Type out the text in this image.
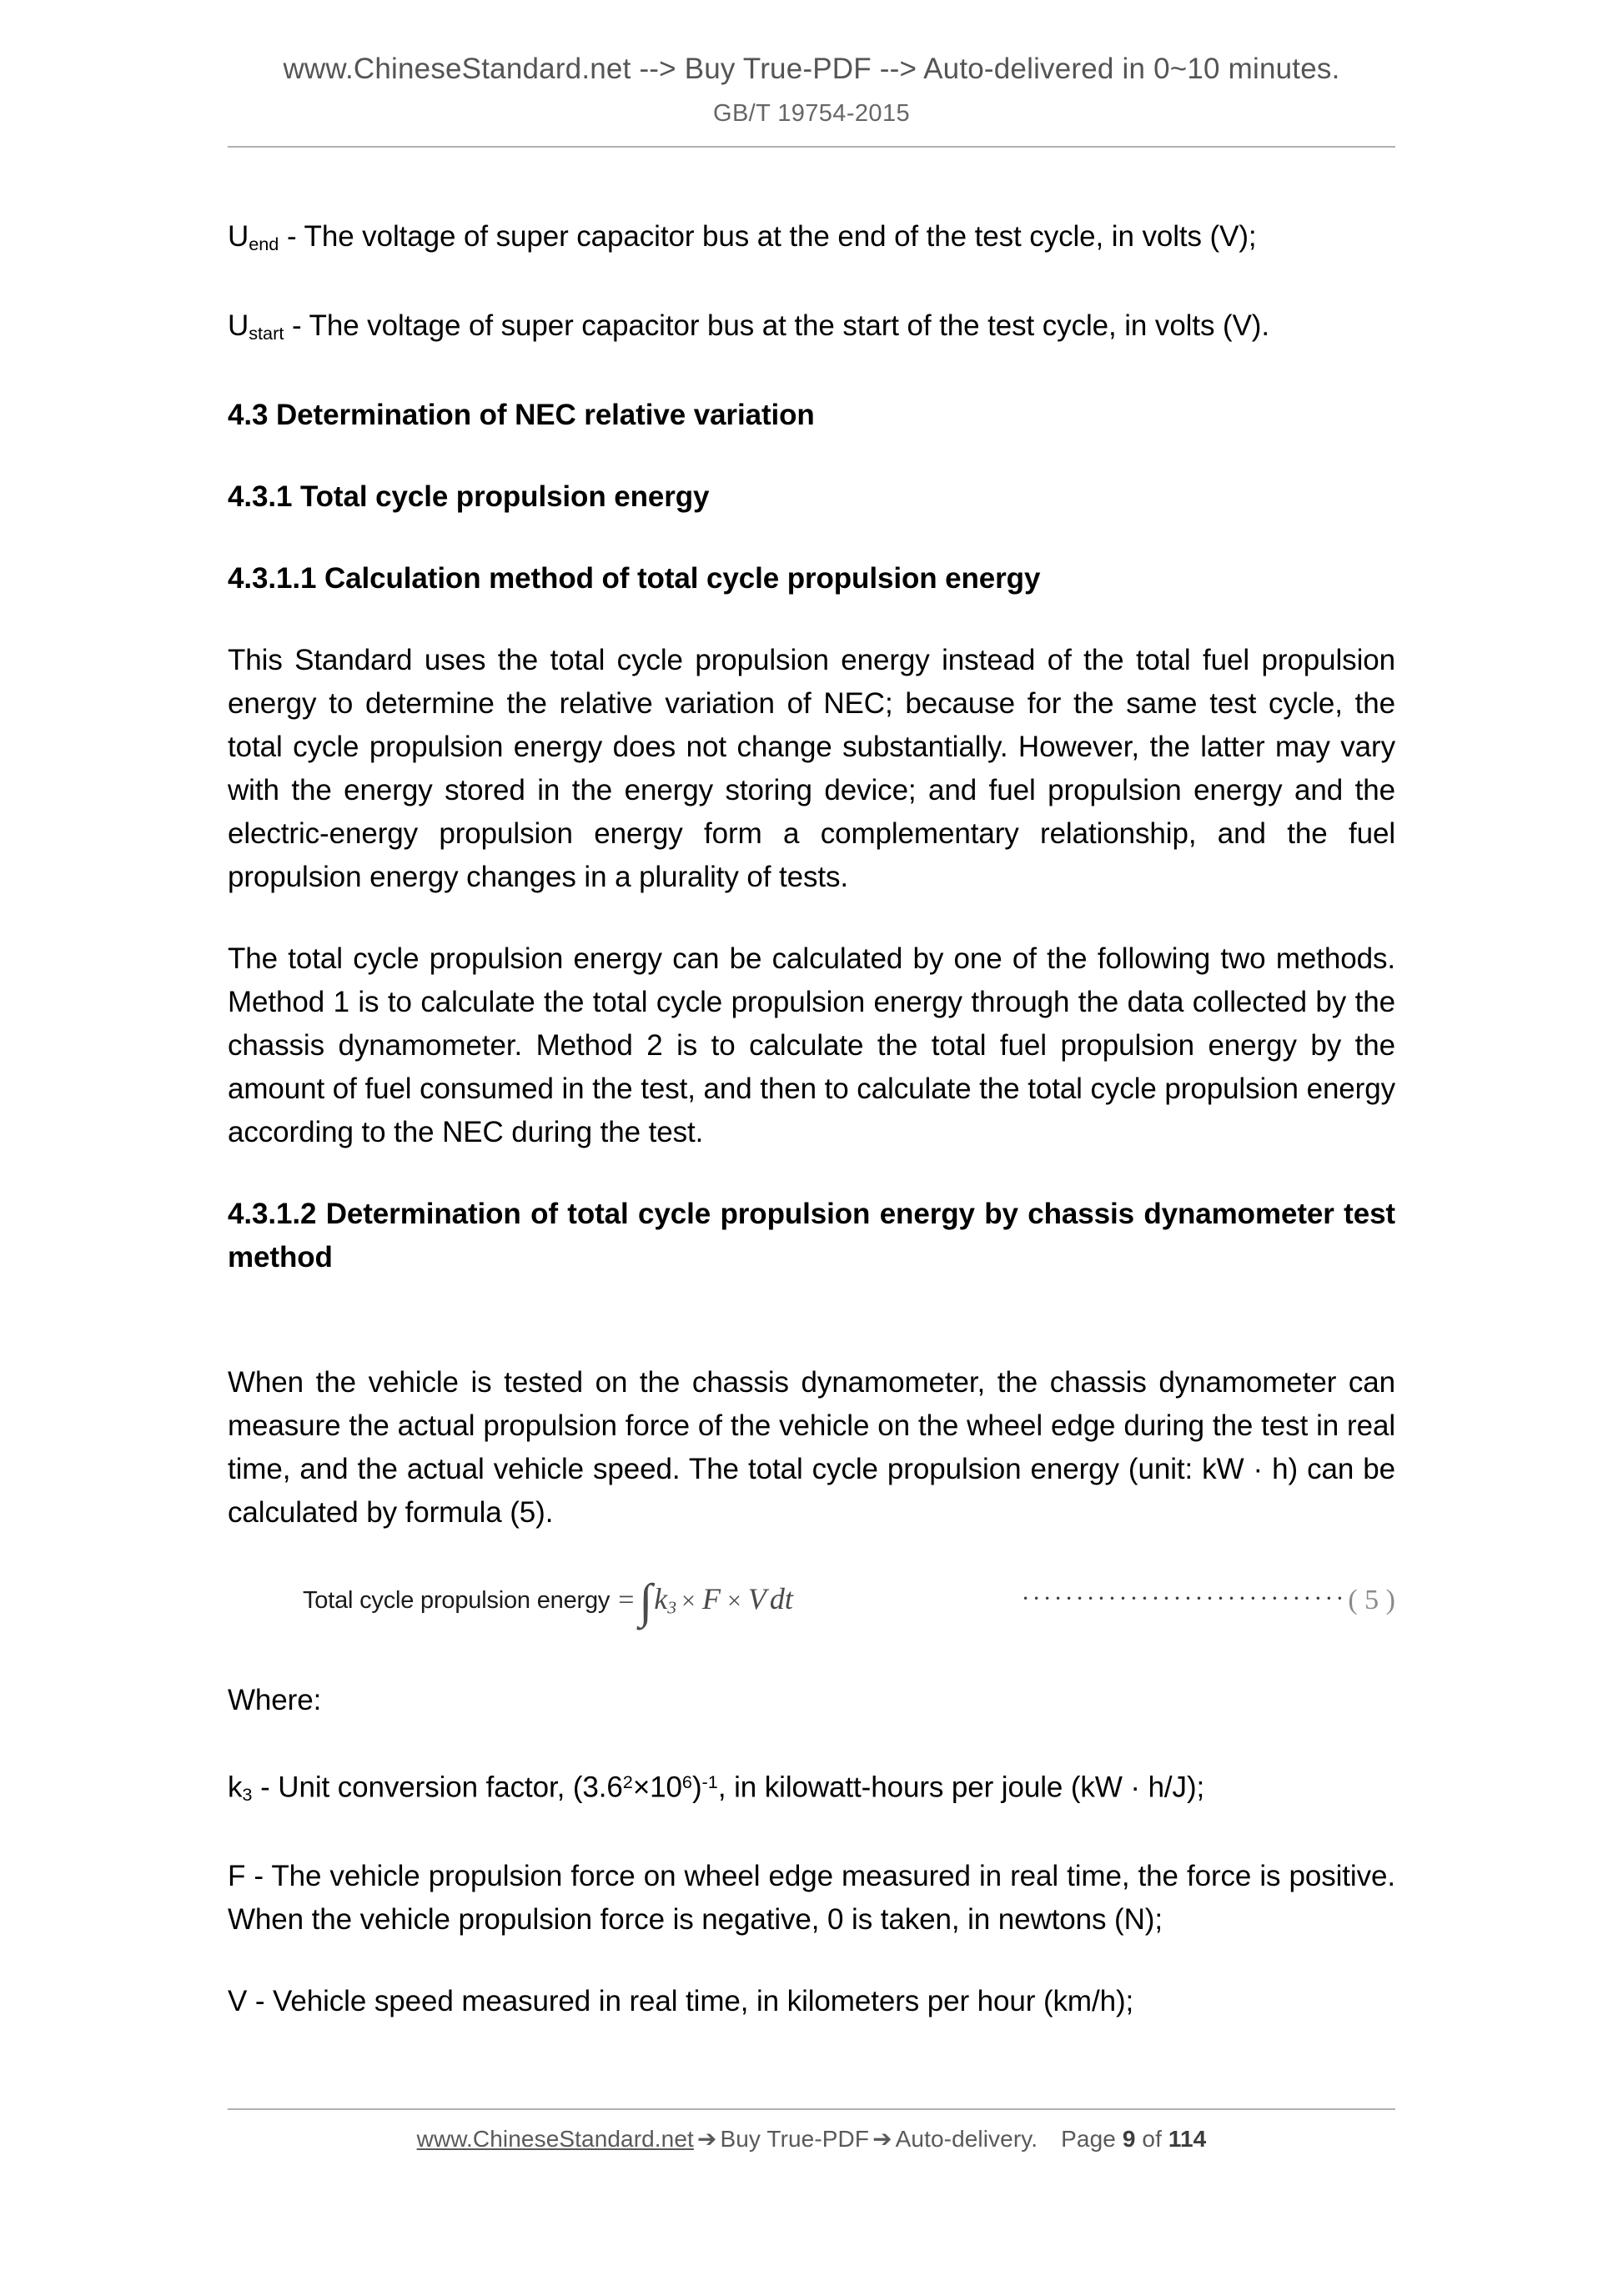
www.ChineseStandard.net --> Buy True-PDF --> Auto-delivered in 0~10 minutes.
GB/T 19754-2015

$U_{end}$ - The voltage of super capacitor bus at the end of the test cycle, in volts (V);

$U_{start}$ - The voltage of super capacitor bus at the start of the test cycle, in volts (V).

4.3 Determination of NEC relative variation
4.3.1 Total cycle propulsion energy
4.3.1.1 Calculation method of total cycle propulsion energy

This Standard uses the total cycle propulsion energy instead of the total fuel propulsion energy to determine the relative variation of NEC; because for the same test cycle, the total cycle propulsion energy does not change substantially. However, the latter may vary with the energy stored in the energy storing device; and fuel propulsion energy and the electric-energy propulsion energy form a complementary relationship, and the fuel propulsion energy changes in a plurality of tests.

The total cycle propulsion energy can be calculated by one of the following two methods. Method 1 is to calculate the total cycle propulsion energy through the data collected by the chassis dynamometer. Method 2 is to calculate the total fuel propulsion energy by the amount of fuel consumed in the test, and then to calculate the total cycle propulsion energy according to the NEC during the test.

4.3.1.2 Determination of total cycle propulsion energy by chassis dynamometer test method

When the vehicle is tested on the chassis dynamometer, the chassis dynamometer can measure the actual propulsion force of the vehicle on the wheel edge during the test in real time, and the actual vehicle speed. The total cycle propulsion energy (unit: kW · h) can be calculated by formula (5).

Total cycle propulsion energy = $\int k_3 \times F \times V$ dt	······························ ( 5 )

Where:

$k_3$ - Unit conversion factor, $(3.6^2\times 10^6)^{-1}$, in kilowatt-hours per joule (kW · h/J);

F - The vehicle propulsion force on wheel edge measured in real time, the force is positive. When the vehicle propulsion force is negative, 0 is taken, in newtons (N);

V - Vehicle speed measured in real time, in kilometers per hour (km/h);

www.ChineseStandard.net ➔ Buy True-PDF ➔ Auto-delivery. Page 9 of 114
